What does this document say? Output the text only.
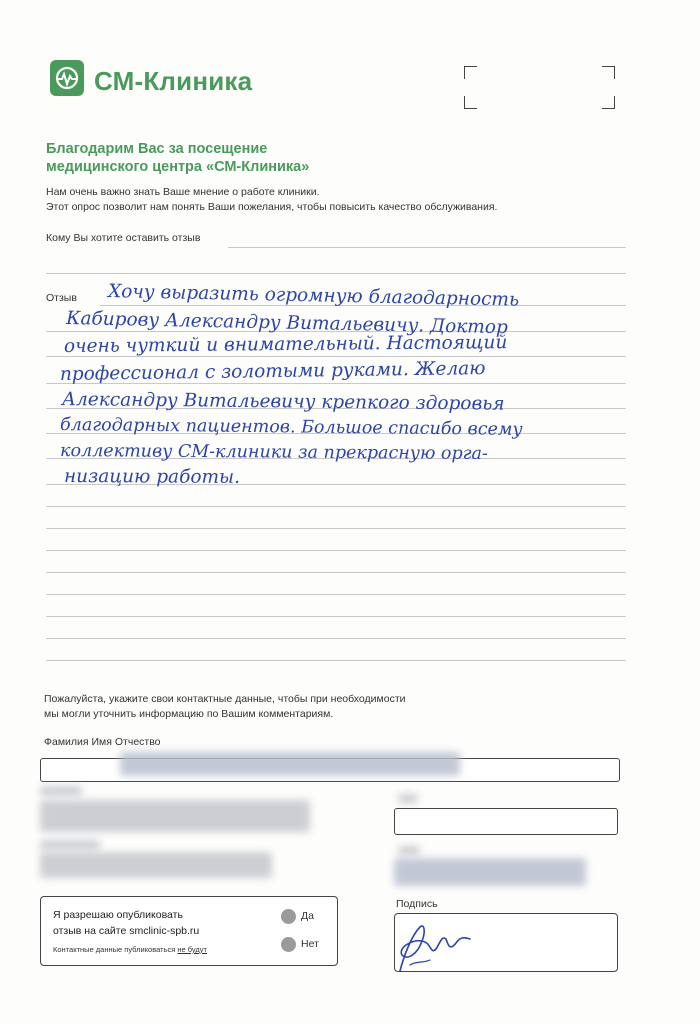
СМ-Клиника
Благодарим Вас за посещение
медицинского центра «СМ-Клиника»
Нам очень важно знать Ваше мнение о работе клиники.
Этот опрос позволит нам понять Ваши пожелания, чтобы повысить качество обслуживания.
Кому Вы хотите оставить отзыв
Отзыв Хочу выразить огромную благодарность
Кабирову Александру Витальевичу. Доктор
очень чуткий и внимательный. Настоящий
профессионал с золотыми руками. Желаю
Александру Витальевичу крепкого здоровья
благодарных пациентов. Большое спасибо всему
коллективу СМ-клиники за прекрасную орга-
низацию работы.
Пожалуйста, укажите свои контактные данные, чтобы при необходимости
мы могли уточнить информацию по Вашим комментариям.
Фамилия Имя Отчество
Я разрешаю опубликовать
отзыв на сайте smclinic-spb.ru
Контактные данные публиковаться не будут
Да
Нет
Подпись
